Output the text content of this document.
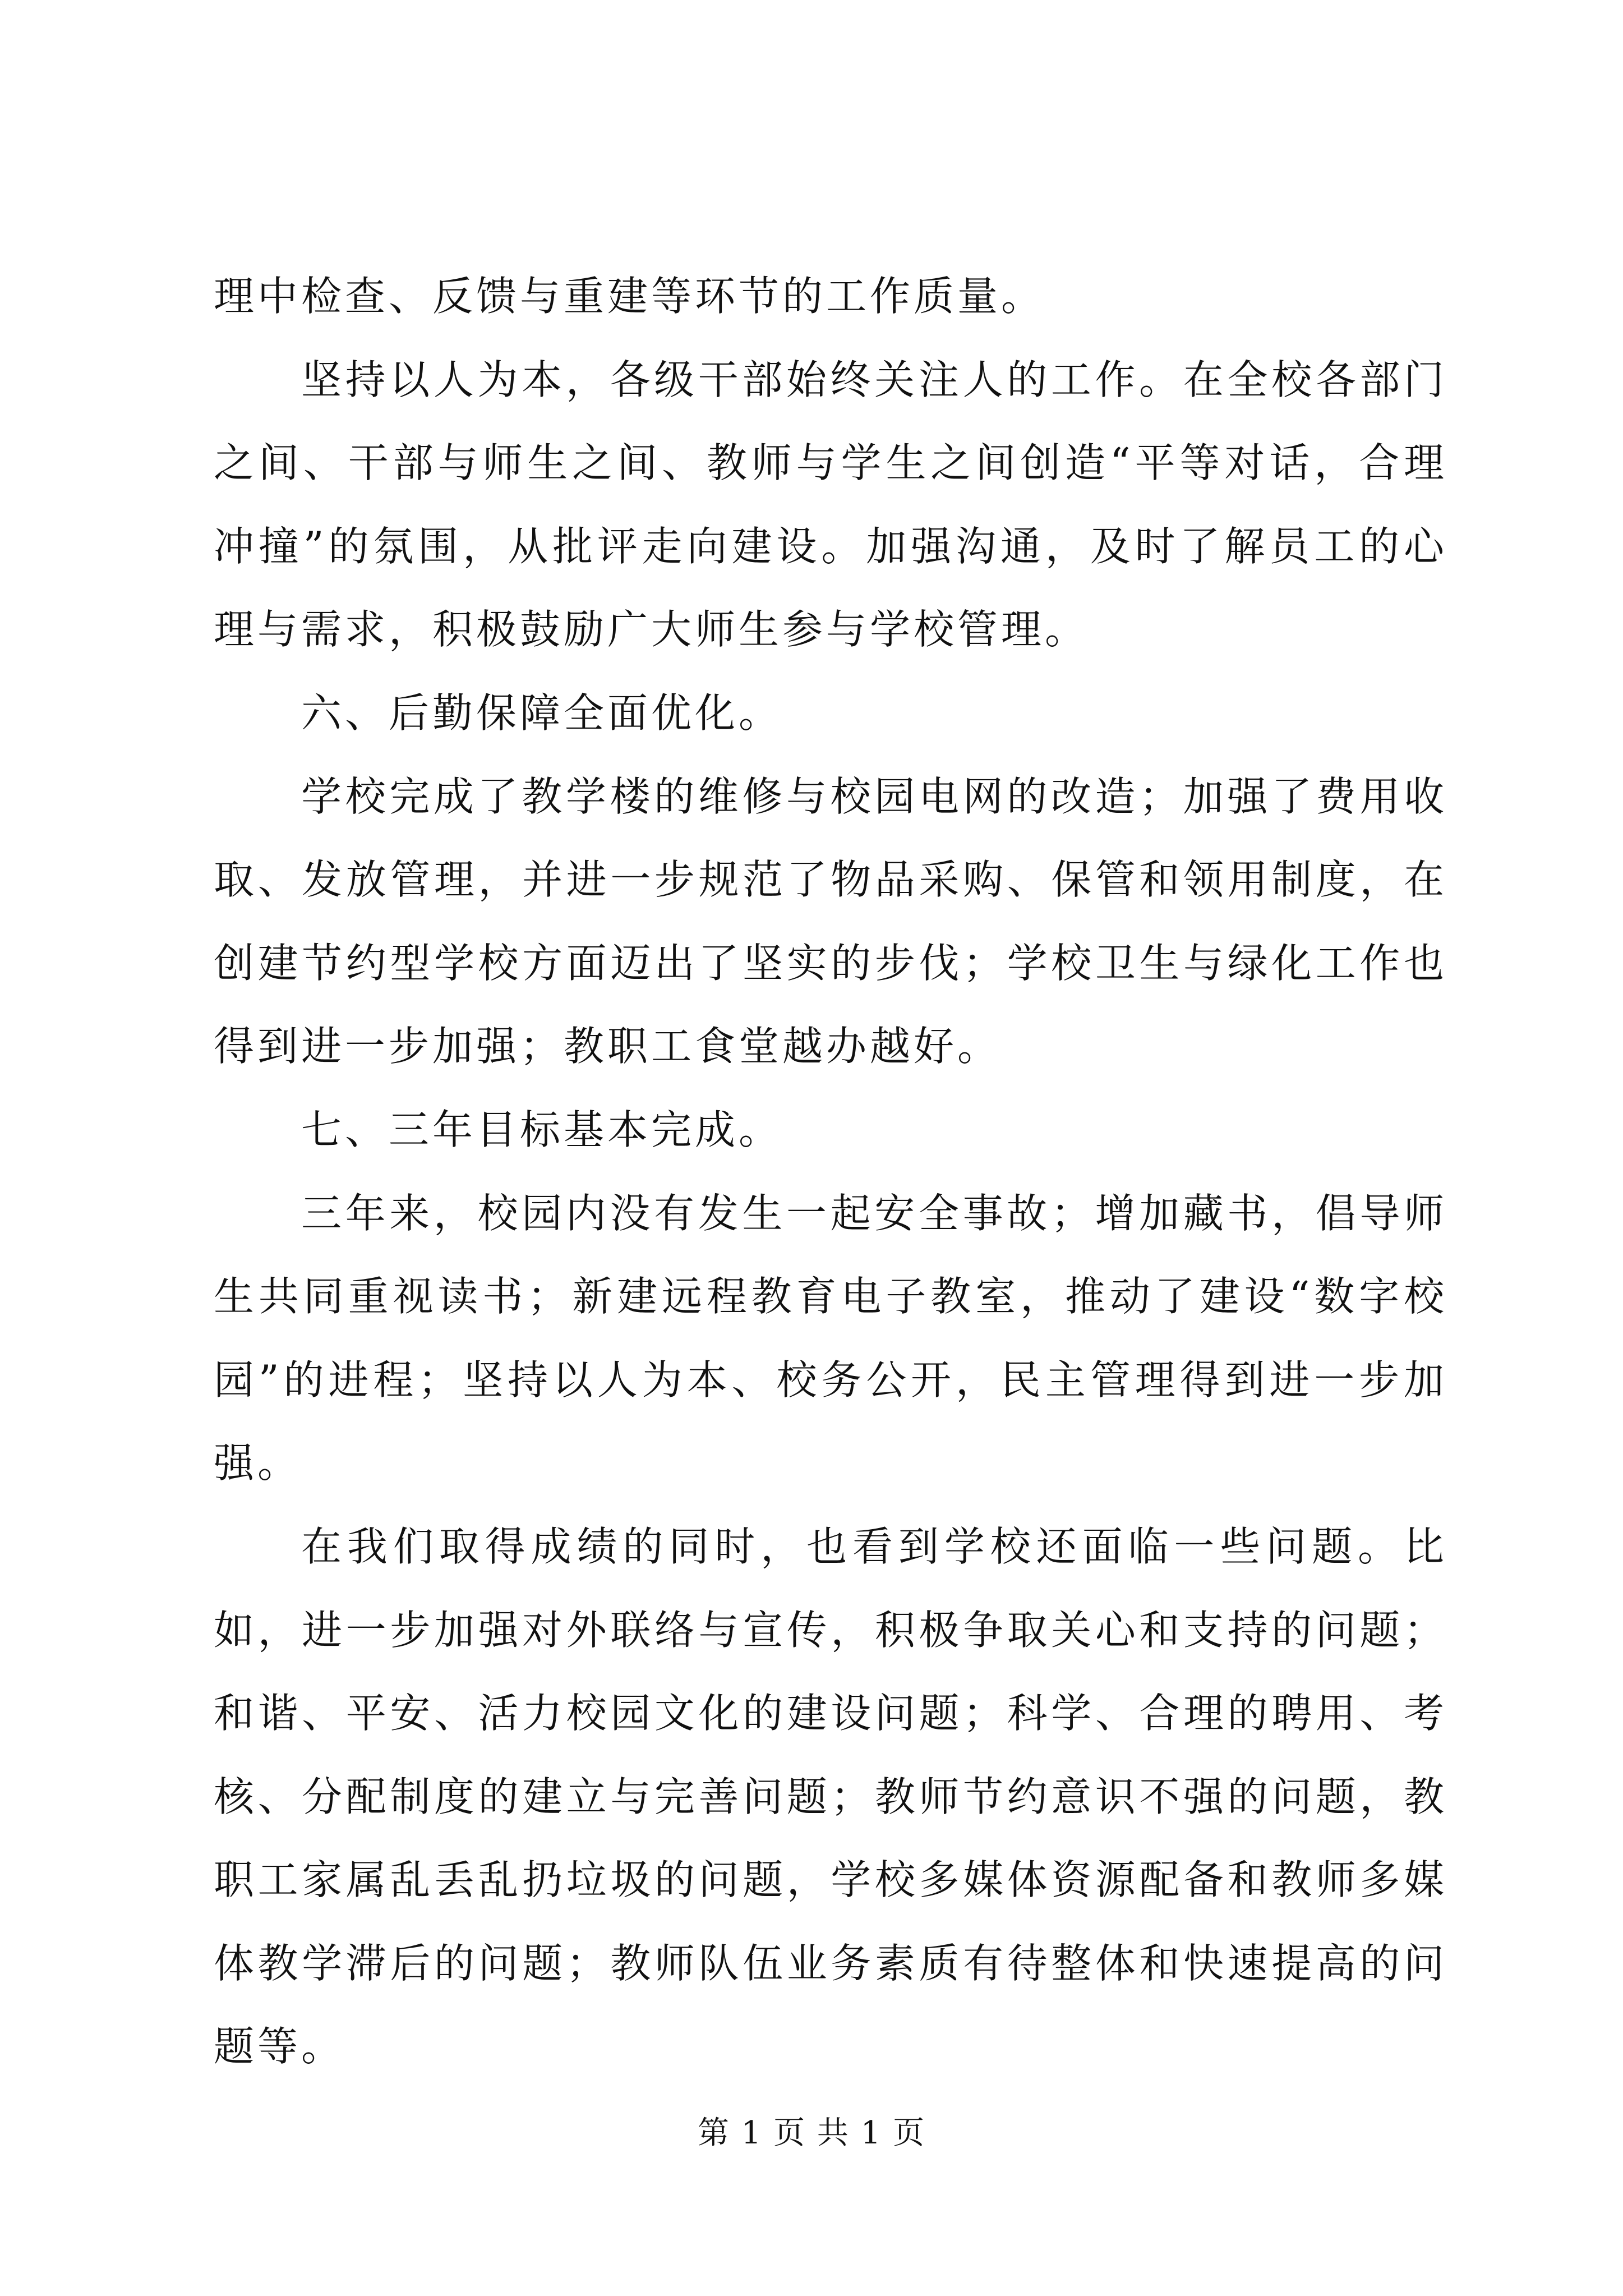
理中检查、反馈与重建等环节的工作质量。

坚持以人为本，各级干部始终关注人的工作。在全校各部门之间、干部与师生之间、教师与学生之间创造“平等对话，合理冲撞”的氛围，从批评走向建设。加强沟通，及时了解员工的心理与需求，积极鼓励广大师生参与学校管理。

六、后勤保障全面优化。

学校完成了教学楼的维修与校园电网的改造；加强了费用收取、发放管理，并进一步规范了物品采购、保管和领用制度，在创建节约型学校方面迈出了坚实的步伐；学校卫生与绿化工作也得到进一步加强；教职工食堂越办越好。

七、三年目标基本完成。

三年来，校园内没有发生一起安全事故；增加藏书，倡导师生共同重视读书；新建远程教育电子教室，推动了建设“数字校园”的进程；坚持以人为本、校务公开，民主管理得到进一步加强。

在我们取得成绩的同时，也看到学校还面临一些问题。比如，进一步加强对外联络与宣传，积极争取关心和支持的问题；和谐、平安、活力校园文化的建设问题；科学、合理的聘用、考核、分配制度的建立与完善问题；教师节约意识不强的问题，教职工家属乱丢乱扔垃圾的问题，学校多媒体资源配备和教师多媒体教学滞后的问题；教师队伍业务素质有待整体和快速提高的问题等。

第 1 页 共 1 页
